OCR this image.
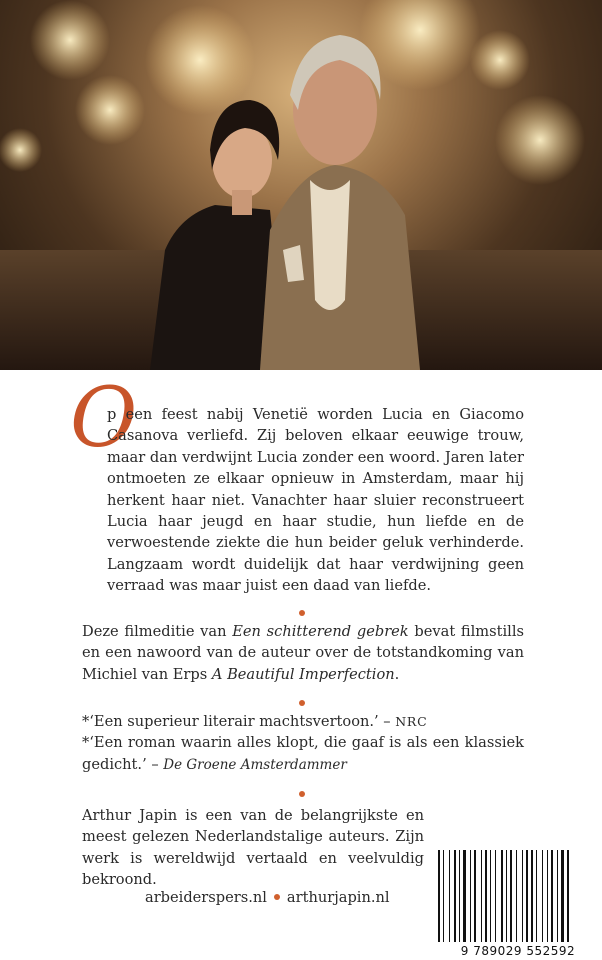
O

p een feest nabij Venetië worden Lucia en Giacomo Casanova verliefd. Zij beloven elkaar eeuwige trouw, maar dan verdwijnt Lucia zonder een woord. Jaren later ontmoeten ze elkaar opnieuw in Amsterdam, maar hij herkent haar niet. Vanachter haar sluier reconstrueert Lucia haar jeugd en haar studie, hun liefde en de verwoestende ziekte die hun beider geluk verhinderde. Langzaam wordt duidelijk dat haar verdwijning geen verraad was maar juist een daad van liefde.

Deze filmeditie van Een schitterend gebrek bevat filmstills en een nawoord van de auteur over de totstandkoming van Michiel van Erps A Beautiful Imperfection.

*‘Een superieur literair machtsvertoon.’ – NRC

*‘Een roman waarin alles klopt, die gaaf is als een klassiek gedicht.’ – De Groene Amsterdammer

Arthur Japin is een van de belangrijkste en meest gelezen Nederlandstalige auteurs. Zijn werk is wereldwijd vertaald en veelvuldig bekroond.

arbeiderspers.nl arthurjapin.nl
9 789029 552592
